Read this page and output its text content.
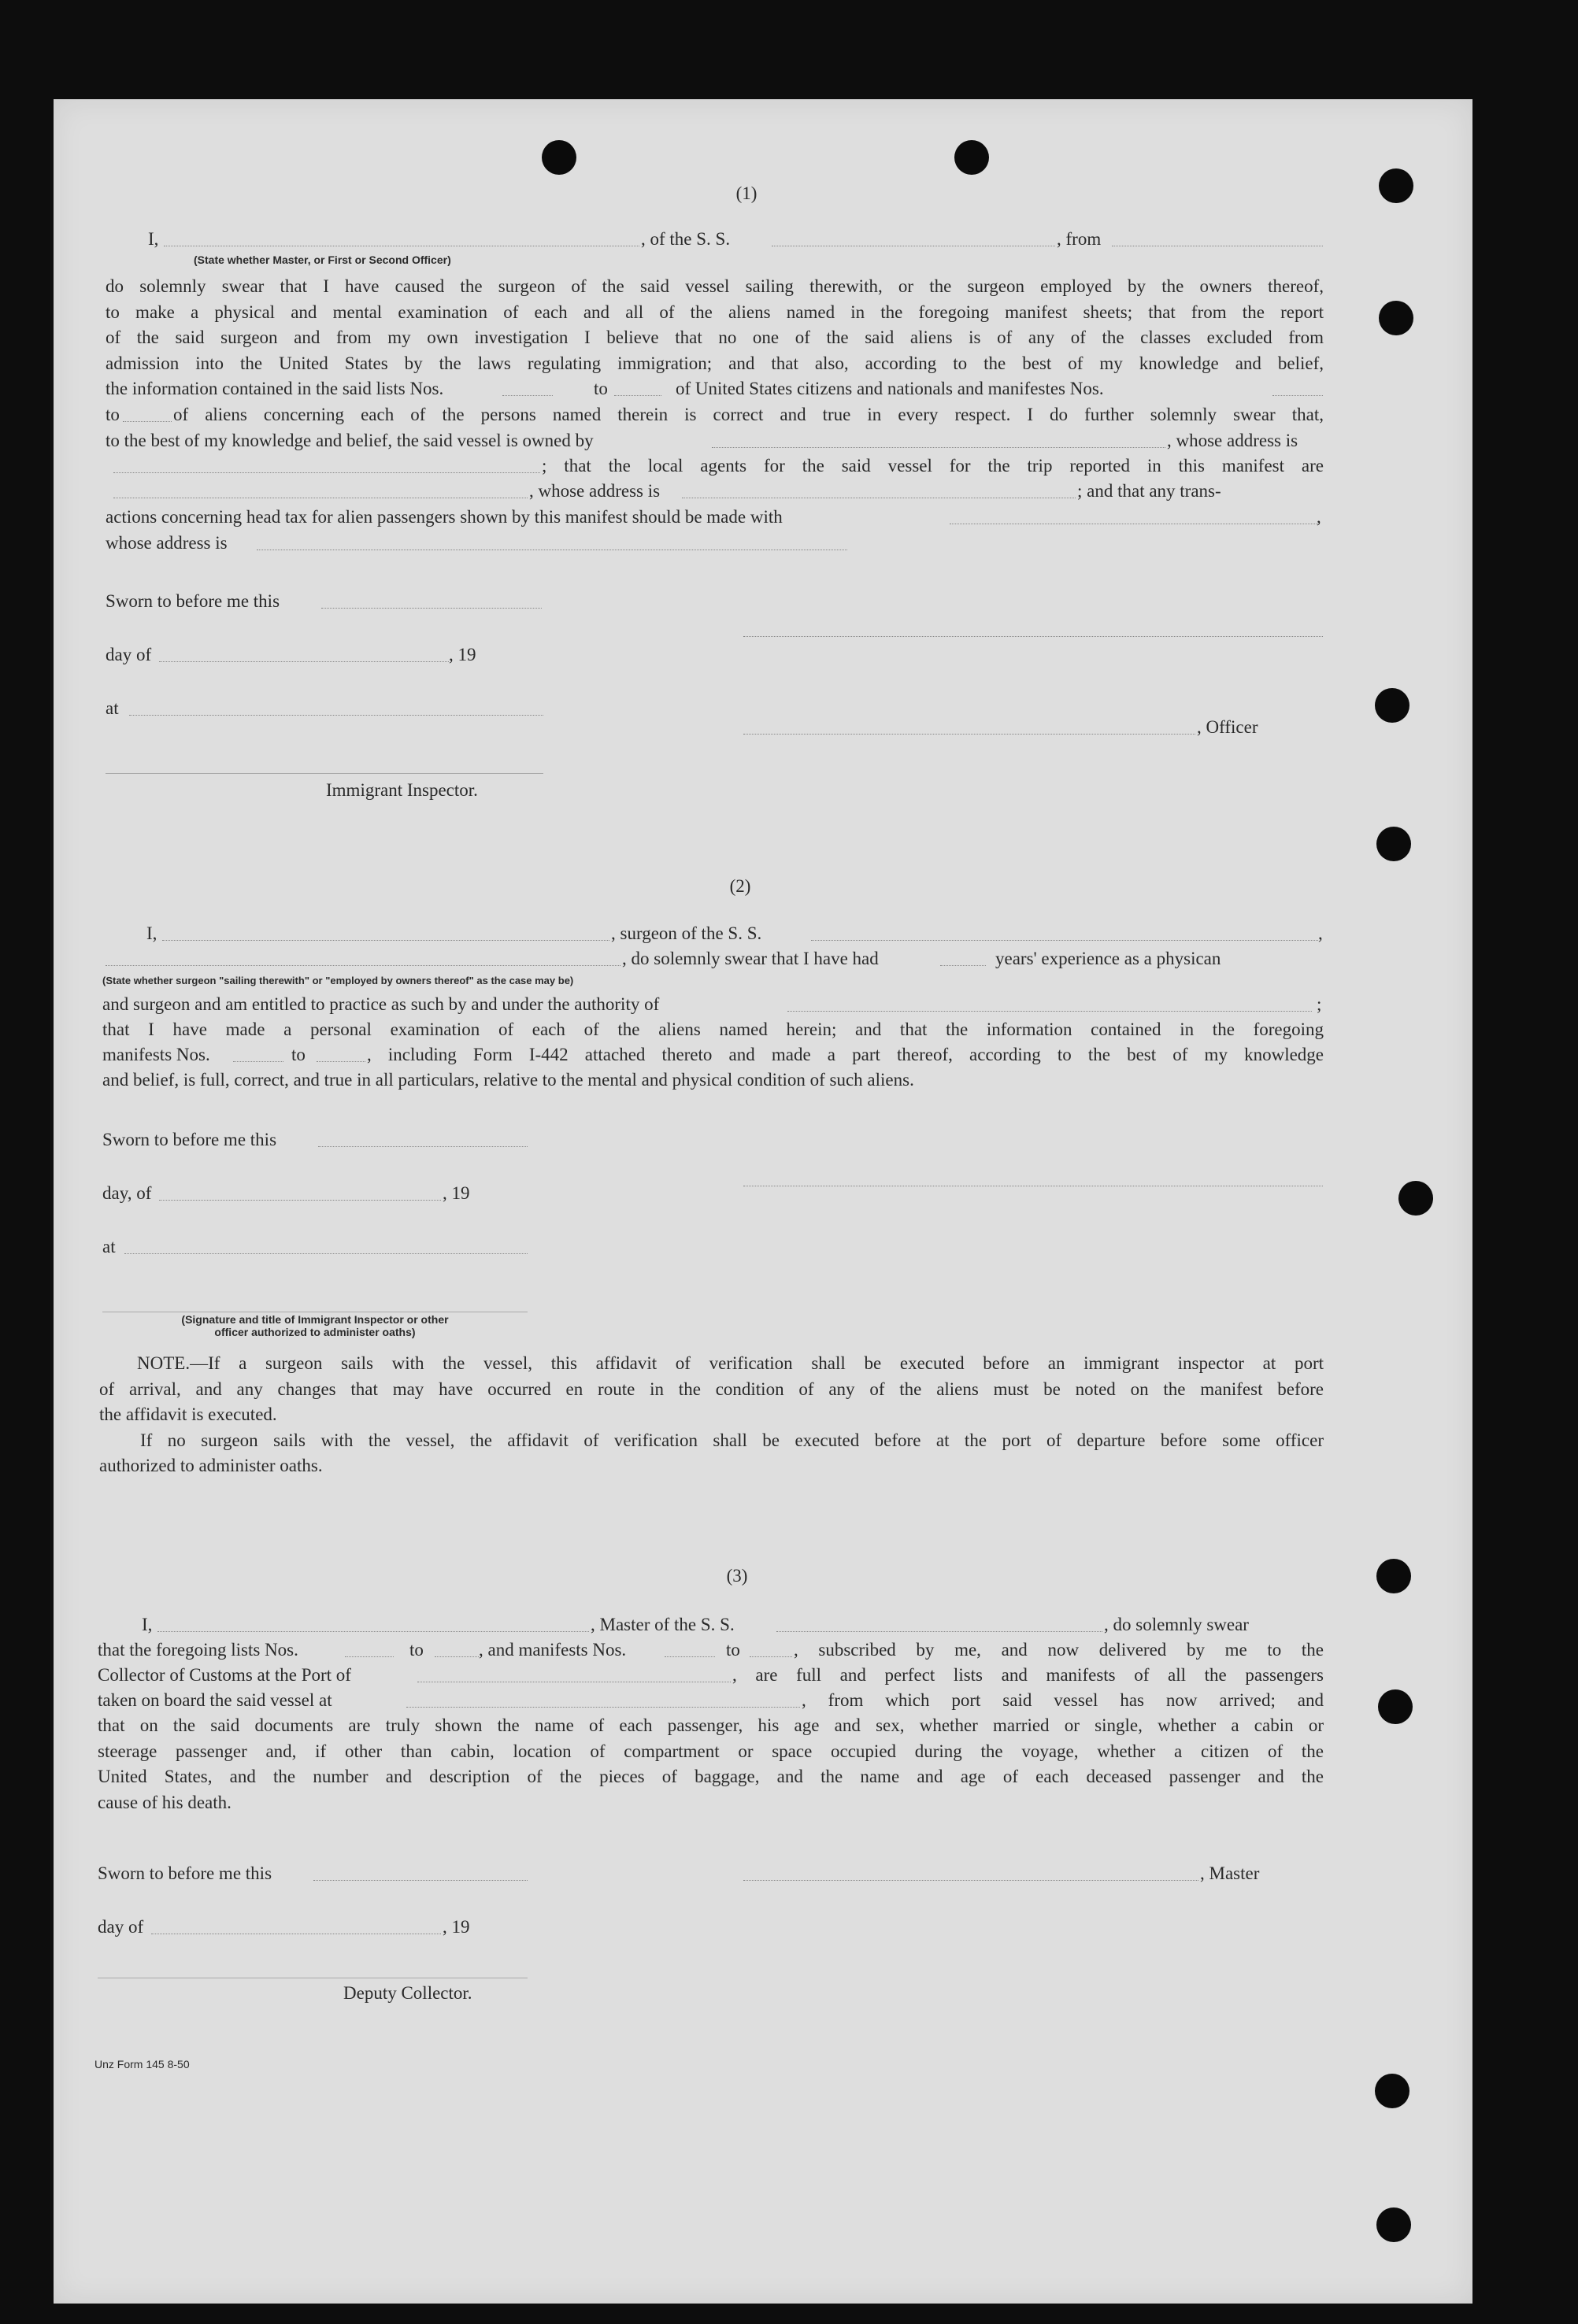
(1)
I,	, of the S. S.	, from
(State whether Master, or First or Second Officer)
do solemnly swear that I have caused the surgeon of the said vessel sailing therewith, or the surgeon employed by the owners thereof,
to make a physical and mental examination of each and all of the aliens named in the foregoing manifest sheets; that from the report
of the said surgeon and from my own investigation I believe that no one of the said aliens is of any of the classes excluded from
admission into the United States by the laws regulating immigration; and that also, according to the best of my knowledge and belief,
the information contained in the said lists Nos.	to	of United States citizens and nationals and manifestes Nos.
to	of aliens concerning each of the persons named therein is correct and true in every respect. I do further solemnly swear that,
to the best of my knowledge and belief, the said vessel is owned by	, whose address is
; that the local agents for the said vessel for the trip reported in this manifest are
, whose address is	; and that any trans-
actions concerning head tax for alien passengers shown by this manifest should be made with	,
whose address is
Sworn to before me this
day of	, 19
at
, Officer
Immigrant Inspector.
(2)
I,	, surgeon of the S. S.	,
, do solemnly swear that I have had	years' experience as a physican
(State whether surgeon "sailing therewith" or "employed by owners thereof" as the case may be)
and surgeon and am entitled to practice as such by and under the authority of	;
that I have made a personal examination of each of the aliens named herein; and that the information contained in the foregoing
manifests Nos.	to	, including Form I-442 attached thereto and made a part thereof, according to the best of my knowledge
and belief, is full, correct, and true in all particulars, relative to the mental and physical condition of such aliens.
Sworn to before me this
day, of	, 19
at
(Signature and title of Immigrant Inspector or other
officer authorized to administer oaths)
NOTE.—If a surgeon sails with the vessel, this affidavit of verification shall be executed before an immigrant inspector at port
of arrival, and any changes that may have occurred en route in the condition of any of the aliens must be noted on the manifest before
the affidavit is executed.
If no surgeon sails with the vessel, the affidavit of verification shall be executed before at the port of departure before some officer
authorized to administer oaths.
(3)
I,	, Master of the S. S.	, do solemnly swear
that the foregoing lists Nos.	to	, and manifests Nos.	to	, subscribed by me, and now delivered by me to the
Collector of Customs at the Port of	, are full and perfect lists and manifests of all the passengers
taken on board the said vessel at	, from which port said vessel has now arrived; and
that on the said documents are truly shown the name of each passenger, his age and sex, whether married or single, whether a cabin or
steerage passenger and, if other than cabin, location of compartment or space occupied during the voyage, whether a citizen of the
United States, and the number and description of the pieces of baggage, and the name and age of each deceased passenger and the
cause of his death.
Sworn to before me this	, Master
day of	, 19
Deputy Collector.
Unz Form 145 8-50
